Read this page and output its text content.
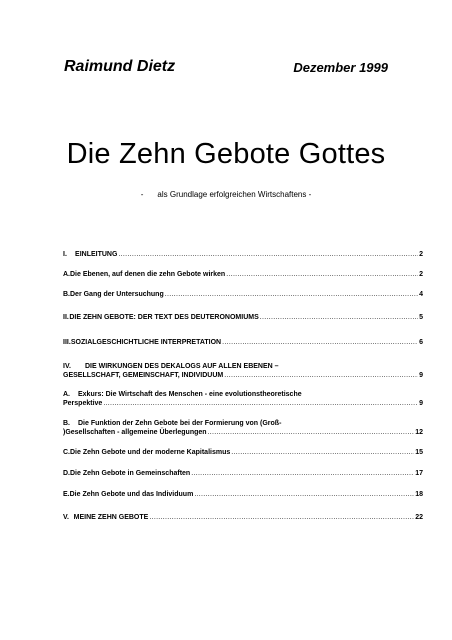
Raimund Dietz	Dezember 1999
Die Zehn Gebote Gottes
- als Grundlage erfolgreichen Wirtschaftens -
I.	EINLEITUNG .....	2
A. Die Ebenen, auf denen die zehn Gebote wirken .....	2
B. Der Gang der Untersuchung .....	4
II. DIE ZEHN GEBOTE: DER TEXT DES DEUTERONOMIUMS .....	5
III. SOZIALGESCHICHTLICHE INTERPRETATION .....	6
IV. DIE WIRKUNGEN DES DEKALOGS AUF ALLEN EBENEN –
GESELLSCHAFT, GEMEINSCHAFT, INDIVIDUUM .....	9
A. Exkurs: Die Wirtschaft des Menschen - eine evolutionstheoretische
Perspektive .....	9
B. Die Funktion der Zehn Gebote bei der Formierung von (Groß-
)Gesellschaften - allgemeine Überlegungen .....	12
C. Die Zehn Gebote und der moderne Kapitalismus .....	15
D. Die Zehn Gebote in Gemeinschaften .....	17
E. Die Zehn Gebote und das Individuum .....	18
V. MEINE ZEHN GEBOTE .....	22
